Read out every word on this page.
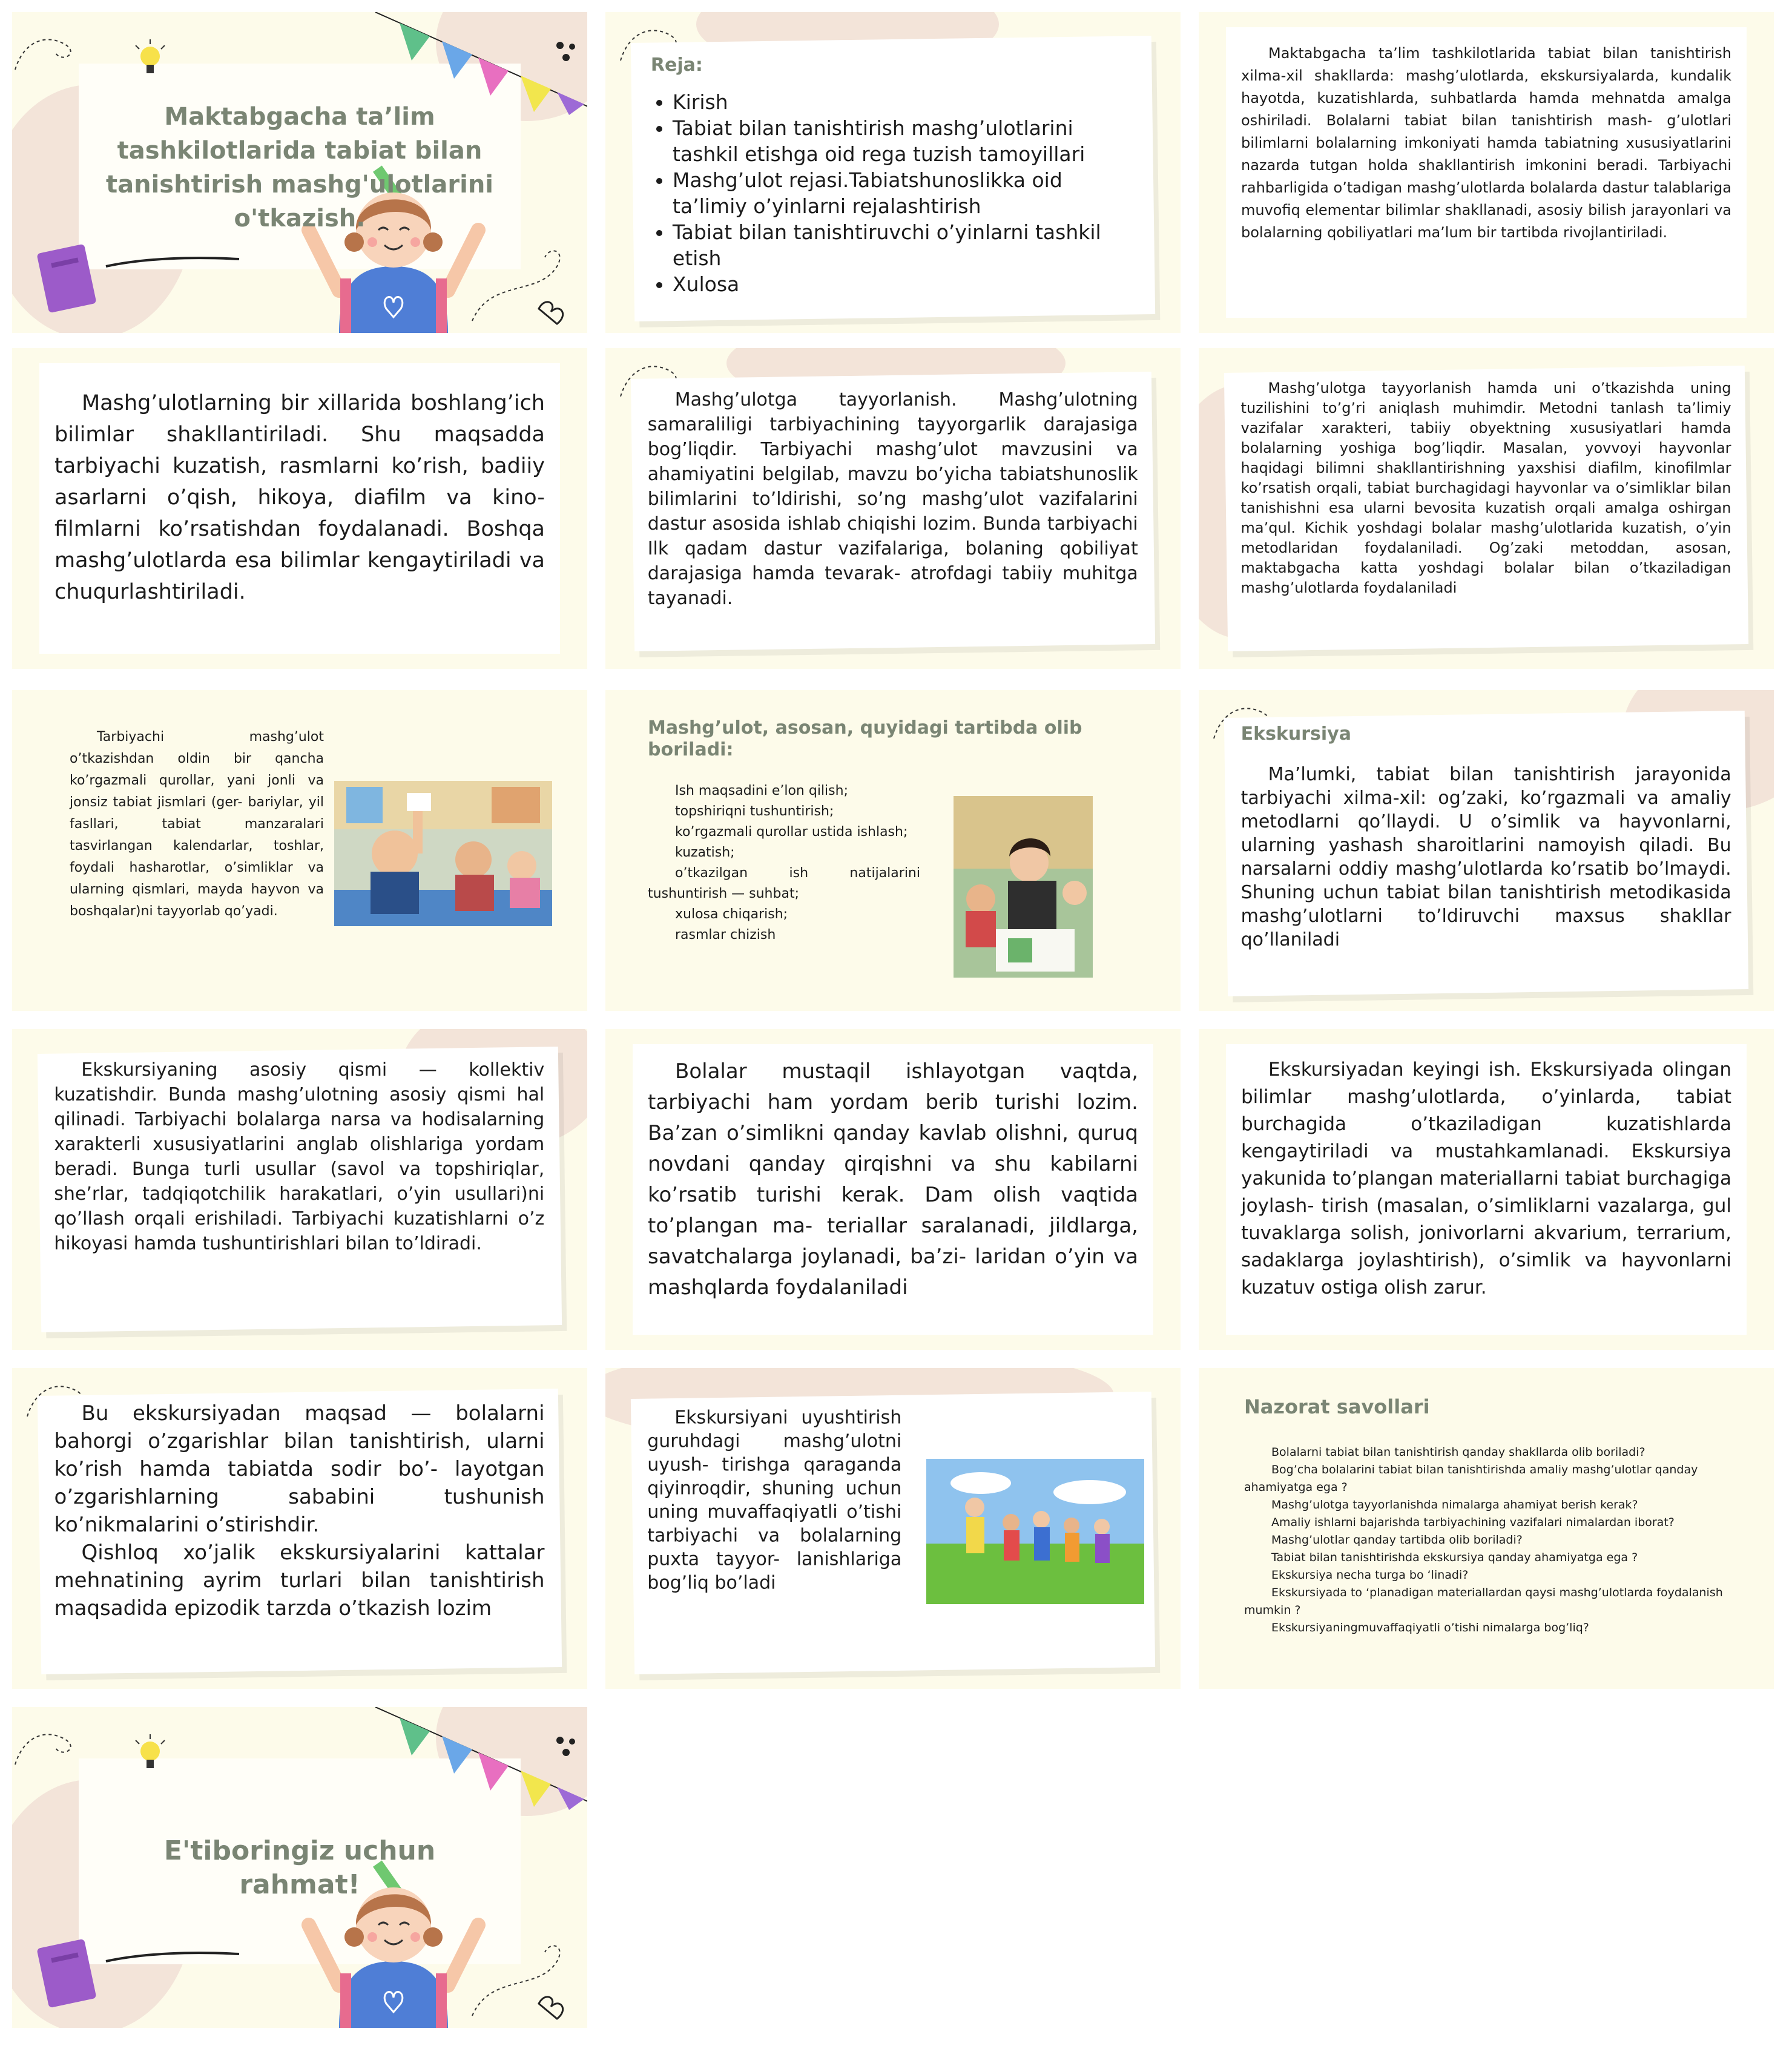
Maktabgacha ta’lim tashkilotlarida tabiat bilan tanishtirish mashg'ulotlarini o'tkazish.

Reja:

• Kirish
• Tabiat bilan tanishtirish mashg’ulotlarini tashkil etishga oid rega tuzish tamoyillari
• Mashg’ulot rejasi.Tabiatshunoslikka oid ta’limiy o’yinlarni rejalashtirish
• Tabiat bilan tanishtiruvchi o’yinlarni tashkil etish
• Xulosa

Maktabgacha ta’lim tashkilotlarida tabiat bilan tanishtirish xilma-xil shakllarda: mashg’ulotlarda, ekskursiyalarda, kundalik hayotda, kuzatishlarda, suhbatlarda hamda mehnatda amalga oshiriladi. Bolalarni tabiat bilan tanishtirish mash- g’ulotlari bilimlarni bolalarning imkoniyati hamda tabiatning xususiyatlarini nazarda tutgan holda shakllantirish imkonini beradi. Tarbiyachi rahbarligida o’tadigan mashg’ulotlarda bolalarda dastur talablariga muvofiq elementar bilimlar shakllanadi, asosiy bilish jarayonlari va bolalarning qobiliyatlari ma’lum bir tartibda rivojlantiriladi.

Mashg’ulotlarning bir xillarida boshlang’ich bilimlar shakllantiriladi. Shu maqsadda tarbiyachi kuzatish, rasmlarni ko’rish, badiiy asarlarni o’qish, hikoya, diafilm va kino- filmlarni ko’rsatishdan foydalanadi. Boshqa mashg’ulotlarda esa bilimlar kengaytiriladi va chuqurlashtiriladi.

Mashg’ulotga tayyorlanish. Mashg’ulotning samaraliligi tarbiyachining tayyorgarlik darajasiga bog’liqdir. Tarbiyachi mashg’ulot mavzusini va ahamiyatini belgilab, mavzu bo’yicha tabiatshunoslik bilimlarini to’ldirishi, so’ng mashg’ulot vazifalarini dastur asosida ishlab chiqishi lozim. Bunda tarbiyachi Ilk qadam dastur vazifalariga, bolaning qobiliyat darajasiga hamda tevarak- atrofdagi tabiiy muhitga tayanadi.

Mashg’ulotga tayyorlanish hamda uni o’tkazishda uning tuzilishini to’g’ri aniqlash muhimdir. Metodni tanlash ta’limiy vazifalar xarakteri, tabiiy obyektning xususiyatlari hamda bolalarning yoshiga bog’liqdir. Masalan, yovvoyi hayvonlar haqidagi bilimni shakllantirishning yaxshisi diafilm, kinofilmlar ko’rsatish orqali, tabiat burchagidagi hayvonlar va o’simliklar bilan tanishishni esa ularni bevosita kuzatish orqali amalga oshirgan ma’qul. Kichik yoshdagi bolalar mashg’ulotlarida kuzatish, o’yin metodlaridan foydalaniladi. Og’zaki metoddan, asosan, maktabgacha katta yoshdagi bolalar bilan o’tkaziladigan mashg’ulotlarda foydalaniladi

Tarbiyachi mashg’ulot o’tkazishdan oldin bir qancha ko’rgazmali qurollar, yani jonli va jonsiz tabiat jismlari (ger- bariylar, yil fasllari, tabiat manzaralari tasvirlangan kalendarlar, toshlar, foydali hasharotlar, o’simliklar va ularning qismlari, mayda hayvon va boshqalar)ni tayyorlab qo’yadi.

Mashg’ulot, asosan, quyidagi tartibda olib boriladi:

Ish maqsadini e’lon qilish;
topshiriqni tushuntirish;
ko’rgazmali qurollar ustida ishlash;
kuzatish;
o’tkazilgan ish natijalarini tushuntirish — suhbat;
xulosa chiqarish;
rasmlar chizish

Ekskursiya

Ma’lumki, tabiat bilan tanishtirish jarayonida tarbiyachi xilma-xil: og’zaki, ko’rgazmali va amaliy metodlarni qo’llaydi. U o’simlik va hayvonlarni, ularning yashash sharoitlarini namoyish qiladi. Bu narsalarni oddiy mashg’ulotlarda ko’rsatib bo’lmaydi. Shuning uchun tabiat bilan tanishtirish metodikasida mashg’ulotlarni to’ldiruvchi maxsus shakllar qo’llaniladi

Ekskursiyaning asosiy qismi — kollektiv kuzatishdir. Bunda mashg’ulotning asosiy qismi hal qilinadi. Tarbiyachi bolalarga narsa va hodisalarning xarakterli xususiyatlarini anglab olishlariga yordam beradi. Bunga turli usullar (savol va topshiriqlar, she’rlar, tadqiqotchilik harakatlari, o’yin usullari)ni qo’llash orqali erishiladi. Tarbiyachi kuzatishlarni o’z hikoyasi hamda tushuntirishlari bilan to’ldiradi.

Bolalar mustaqil ishlayotgan vaqtda, tarbiyachi ham yordam berib turishi lozim. Ba’zan o’simlikni qanday kavlab olishni, quruq novdani qanday qirqishni va shu kabilarni ko’rsatib turishi kerak. Dam olish vaqtida to’plangan ma- teriallar saralanadi, jildlarga, savatchalarga joylanadi, ba’zi- laridan o’yin va mashqlarda foydalaniladi

Ekskursiyadan keyingi ish. Ekskursiyada olingan bilimlar mashg’ulotlarda, o’yinlarda, tabiat burchagida o’tkaziladigan kuzatishlarda kengaytiriladi va mustahkamlanadi. Ekskursiya yakunida to’plangan materiallarni tabiat burchagiga joylash- tirish (masalan, o’simliklarni vazalarga, gul tuvaklarga solish, jonivorlarni akvarium, terrarium, sadaklarga joylashtirish), o’simlik va hayvonlarni kuzatuv ostiga olish zarur.

Bu ekskursiyadan maqsad — bolalarni bahorgi o’zgarishlar bilan tanishtirish, ularni ko’rish hamda tabiatda sodir bo’- layotgan o’zgarishlarning sababini tushunish ko’nikmalarini o’stirishdir.

Qishloq xo’jalik ekskursiyalarini kattalar mehnatining ayrim turlari bilan tanishtirish maqsadida epizodik tarzda o’tkazish lozim

Ekskursiyani uyushtirish guruhdagi mashg’ulotni uyush- tirishga qaraganda qiyinroqdir, shuning uchun uning muvaffaqiyatli o’tishi tarbiyachi va bolalarning puxta tayyor- lanishlariga bog’liq bo’ladi

Nazorat savollari

Bolalarni tabiat bilan tanishtirish qanday shakllarda olib boriladi?
Bog’cha bolalarini tabiat bilan tanishtirishda amaliy mashg’ulotlar qanday ahamiyatga ega ?
Mashg’ulotga tayyorlanishda nimalarga ahamiyat berish kerak?
Amaliy ishlarni bajarishda tarbiyachining vazifalari nimalardan iborat?
Mashg’ulotlar qanday tartibda olib boriladi?
Tabiat bilan tanishtirishda ekskursiya qanday ahamiyatga ega ?
Ekskursiya necha turga bo ‘linadi?
Ekskursiyada to ‘planadigan materiallardan qaysi mashg’ulotlarda foydalanish mumkin ?
Ekskursiyaningmuvaffaqiyatli o’tishi nimalarga bog’liq?

E'tiboringiz uchun rahmat!
